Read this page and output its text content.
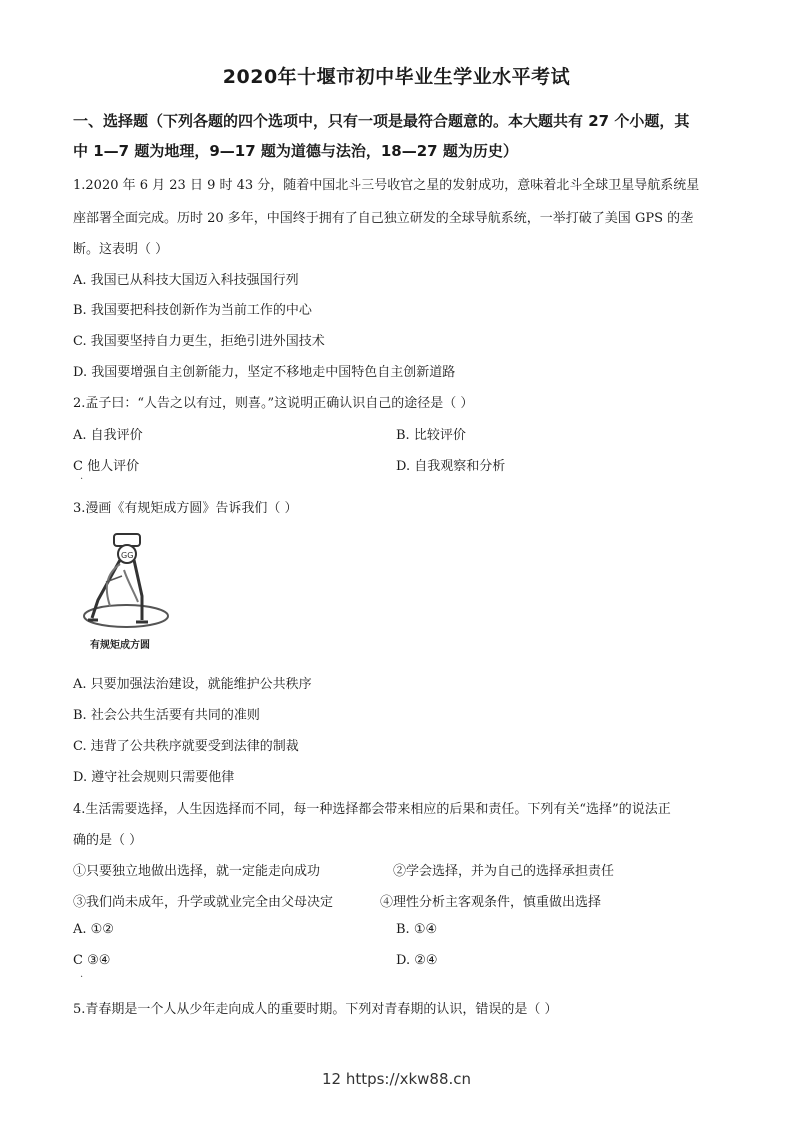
2020年十堰市初中毕业生学业水平考试
一、选择题（下列各题的四个选项中，只有一项是最符合题意的。本大题共有 27 个小题，其
中 1—7 题为地理，9—17 题为道德与法治，18—27 题为历史）
1.2020 年 6 月 23 日 9 时 43 分，随着中国北斗三号收官之星的发射成功，意味着北斗全球卫星导航系统星
座部署全面完成。历时 20 多年，中国终于拥有了自己独立研发的全球导航系统，一举打破了美国 GPS 的垄
断。这表明（ ）
A. 我国已从科技大国迈入科技强国行列
B. 我国要把科技创新作为当前工作的中心
C. 我国要坚持自力更生，拒绝引进外国技术
D. 我国要增强自主创新能力，坚定不移地走中国特色自主创新道路
2.孟子曰：“人告之以有过，则喜。”这说明正确认识自己的途径是（ ）
A. 自我评价	B. 比较评价
C 他人评价	D. 自我观察和分析
·
3.漫画《有规矩成方圆》告诉我们（ ）
GG
有规矩成方圆
A. 只要加强法治建设，就能维护公共秩序
B. 社会公共生活要有共同的准则
C. 违背了公共秩序就要受到法律的制裁
D. 遵守社会规则只需要他律
4.生活需要选择，人生因选择而不同，每一种选择都会带来相应的后果和责任。下列有关“选择”的说法正
确的是（ ）
①只要独立地做出选择，就一定能走向成功	②学会选择，并为自己的选择承担责任
③我们尚未成年，升学或就业完全由父母决定	④理性分析主客观条件，慎重做出选择
A. ①②	B. ①④
C ③④	D. ②④
·
5.青春期是一个人从少年走向成人的重要时期。下列对青春期的认识，错误的是（ ）
12 https://xkw88.cn
